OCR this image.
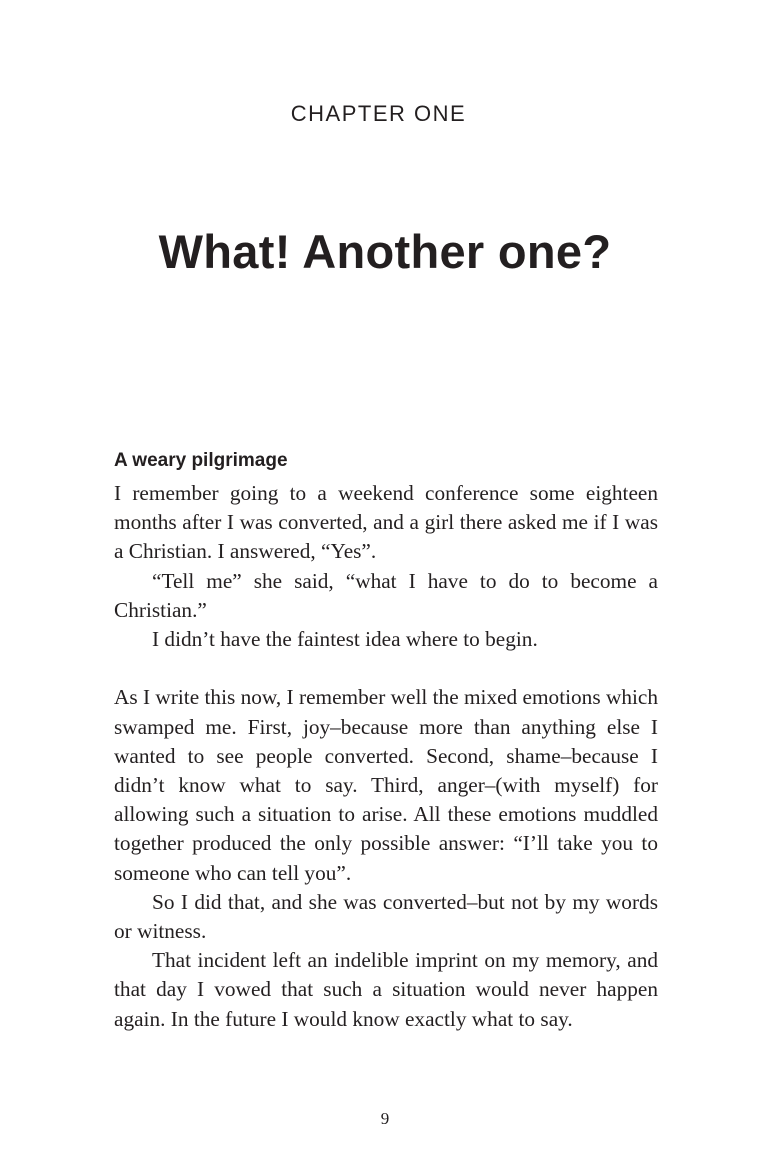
CHAPTER ONE
What! Another one?
A weary pilgrimage

I remember going to a weekend conference some eighteen months after I was converted, and a girl there asked me if I was a Christian. I answered, “Yes”.

“Tell me” she said, “what I have to do to become a Christian.”

I didn’t have the faintest idea where to begin.

As I write this now, I remember well the mixed emotions which swamped me. First, joy–because more than anything else I wanted to see people converted. Second, shame–because I didn’t know what to say. Third, anger–(with myself) for allowing such a situation to arise. All these emotions muddled together produced the only possible answer: “I’ll take you to someone who can tell you”.

So I did that, and she was converted–but not by my words or witness.

That incident left an indelible imprint on my memory, and that day I vowed that such a situation would never happen again. In the future I would know exactly what to say.

9
